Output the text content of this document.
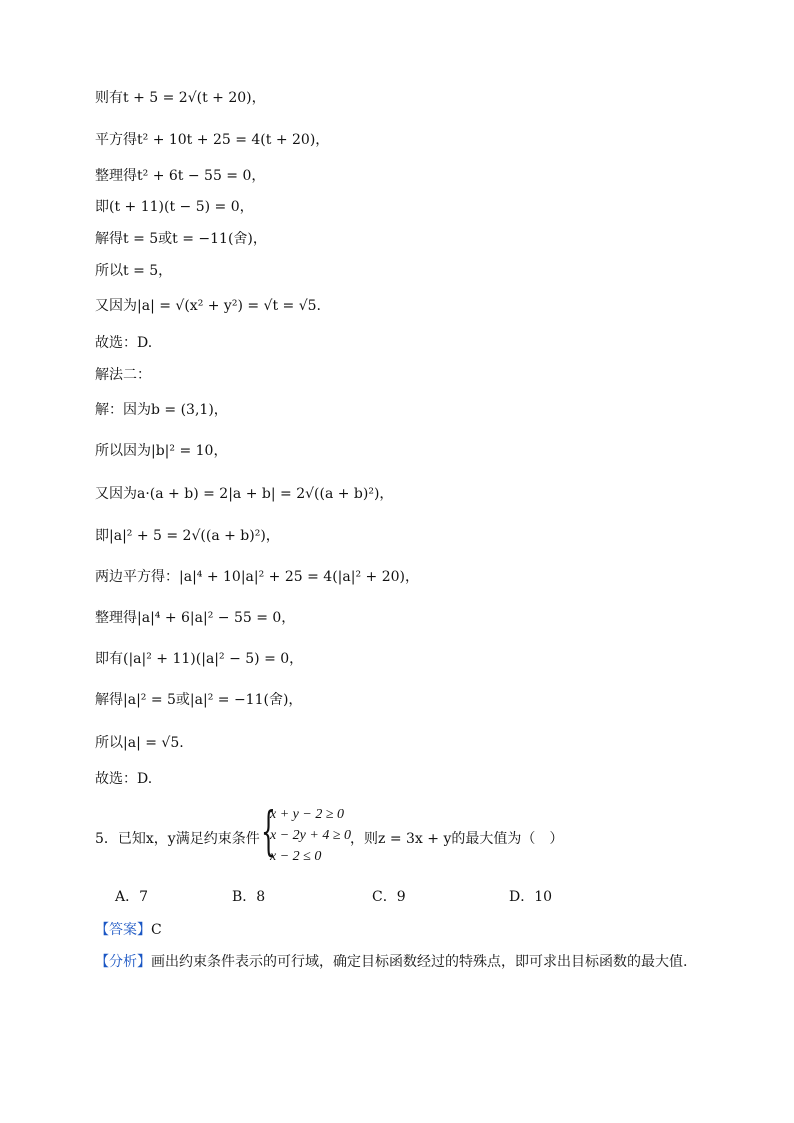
则有t + 5 = 2√(t + 20)，
平方得t² + 10t + 25 = 4(t + 20)，
整理得t² + 6t − 55 = 0，
即(t + 11)(t − 5) = 0，
解得t = 5或t = −11(舍)，
所以t = 5，
又因为|a| = √(x² + y²) = √t = √5.
故选：D.
解法二：
解：因为b = (3,1)，
所以因为|b|² = 10，
又因为a·(a + b) = 2|a + b| = 2√((a + b)²)，
即|a|² + 5 = 2√((a + b)²)，
两边平方得：|a|⁴ + 10|a|² + 25 = 4(|a|² + 20)，
整理得|a|⁴ + 6|a|² − 55 = 0，
即有(|a|² + 11)(|a|² − 5) = 0，
解得|a|² = 5或|a|² = −11(舍)，
所以|a| = √5.
故选：D.
5．已知x，y满足约束条件 {
x + y − 2 ≥ 0
x − 2y + 4 ≥ 0
x − 2 ≤ 0
，则z = 3x + y的最大值为（　）
A．7	B．8	C．9	D．10
【答案】C
【分析】画出约束条件表示的可行域，确定目标函数经过的特殊点，即可求出目标函数的最大值.
